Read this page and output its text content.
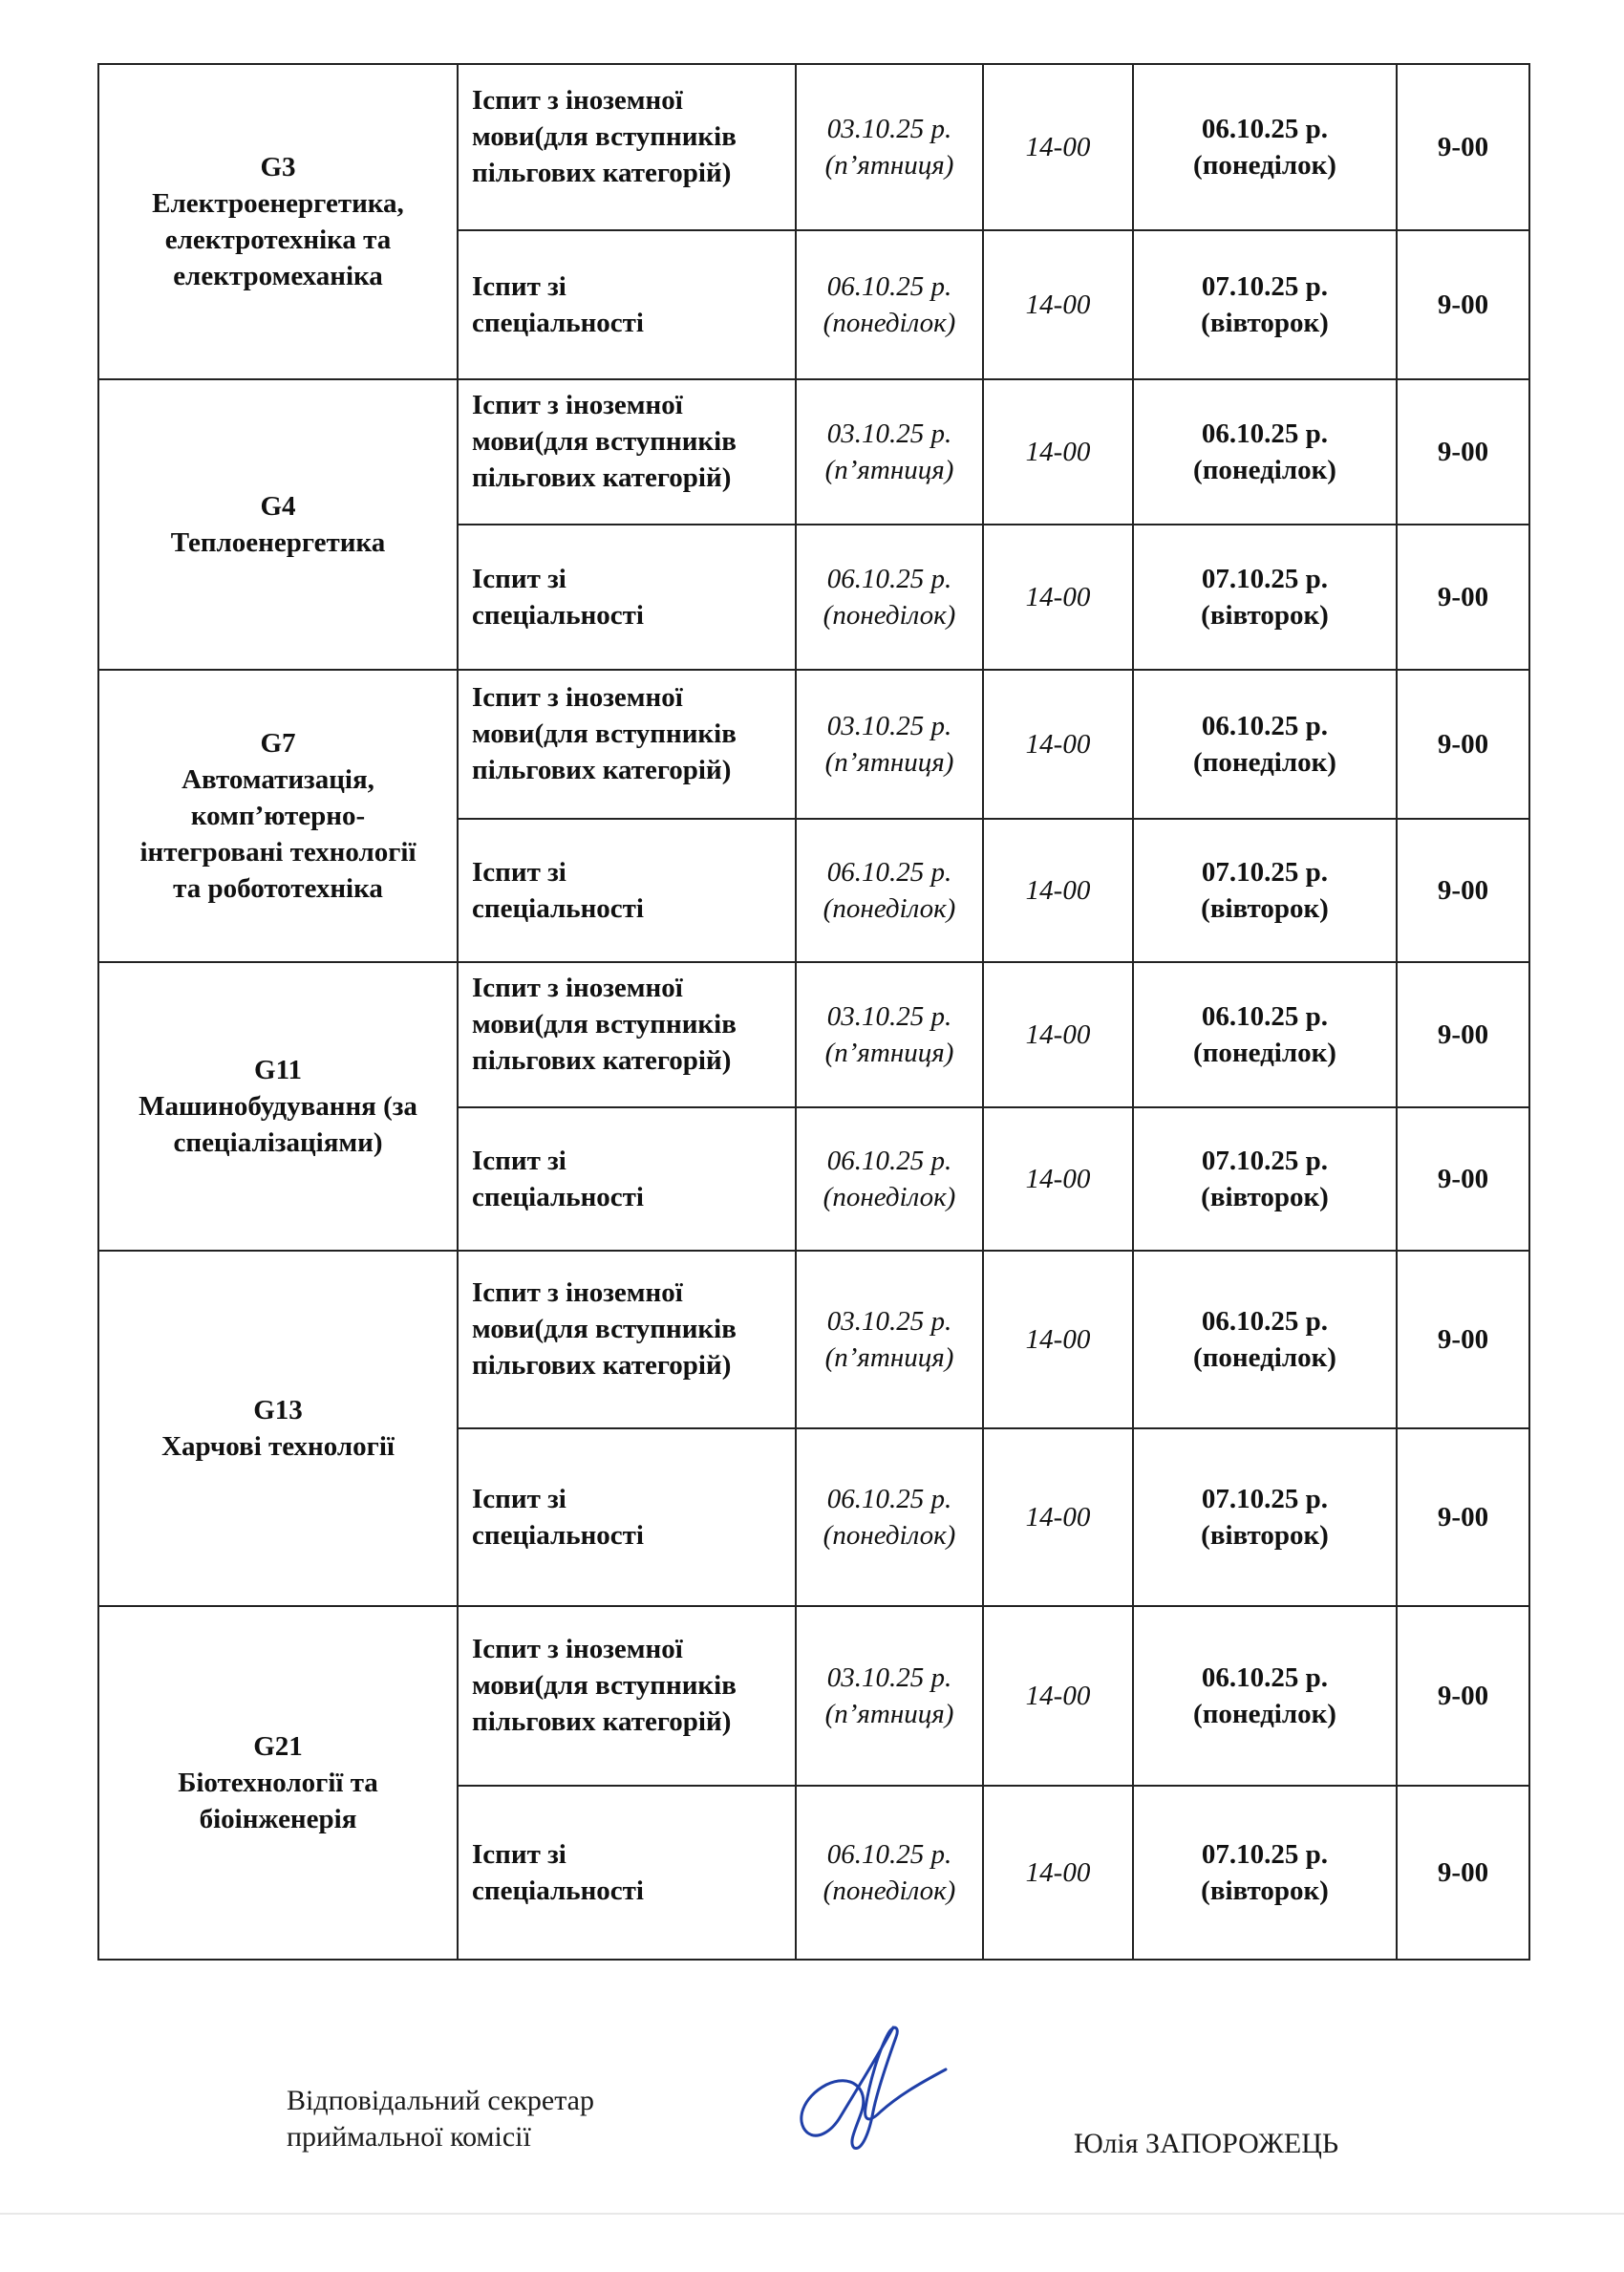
G3
Електроенергетика,
електротехніка та
електромеханіка	Іспит з іноземної
мови(для вступників
пільгових категорій)	03.10.25 р.
(п’ятниця)	14-00	06.10.25 р.
(понеділок)	9-00

	Іспит зі
спеціальності	06.10.25 р.
(понеділок)	14-00	07.10.25 р.
(вівторок)	9-00

G4
Теплоенергетика	Іспит з іноземної
мови(для вступників
пільгових категорій)	03.10.25 р.
(п’ятниця)	14-00	06.10.25 р.
(понеділок)	9-00

	Іспит зі
спеціальності	06.10.25 р.
(понеділок)	14-00	07.10.25 р.
(вівторок)	9-00

G7
Автоматизація,
комп’ютерно-
інтегровані технології
та робототехніка	Іспит з іноземної
мови(для вступників
пільгових категорій)	03.10.25 р.
(п’ятниця)	14-00	06.10.25 р.
(понеділок)	9-00

	Іспит зі
спеціальності	06.10.25 р.
(понеділок)	14-00	07.10.25 р.
(вівторок)	9-00

G11
Машинобудування (за
спеціалізаціями)	Іспит з іноземної
мови(для вступників
пільгових категорій)	03.10.25 р.
(п’ятниця)	14-00	06.10.25 р.
(понеділок)	9-00

	Іспит зі
спеціальності	06.10.25 р.
(понеділок)	14-00	07.10.25 р.
(вівторок)	9-00

G13
Харчові технології	Іспит з іноземної
мови(для вступників
пільгових категорій)	03.10.25 р.
(п’ятниця)	14-00	06.10.25 р.
(понеділок)	9-00

	Іспит зі
спеціальності	06.10.25 р.
(понеділок)	14-00	07.10.25 р.
(вівторок)	9-00

G21
Біотехнології та
біоінженерія	Іспит з іноземної
мови(для вступників
пільгових категорій)	03.10.25 р.
(п’ятниця)	14-00	06.10.25 р.
(понеділок)	9-00

	Іспит зі
спеціальності	06.10.25 р.
(понеділок)	14-00	07.10.25 р.
(вівторок)	9-00
Відповідальний секретар
приймальної комісії	Юлія ЗАПОРОЖЕЦЬ
